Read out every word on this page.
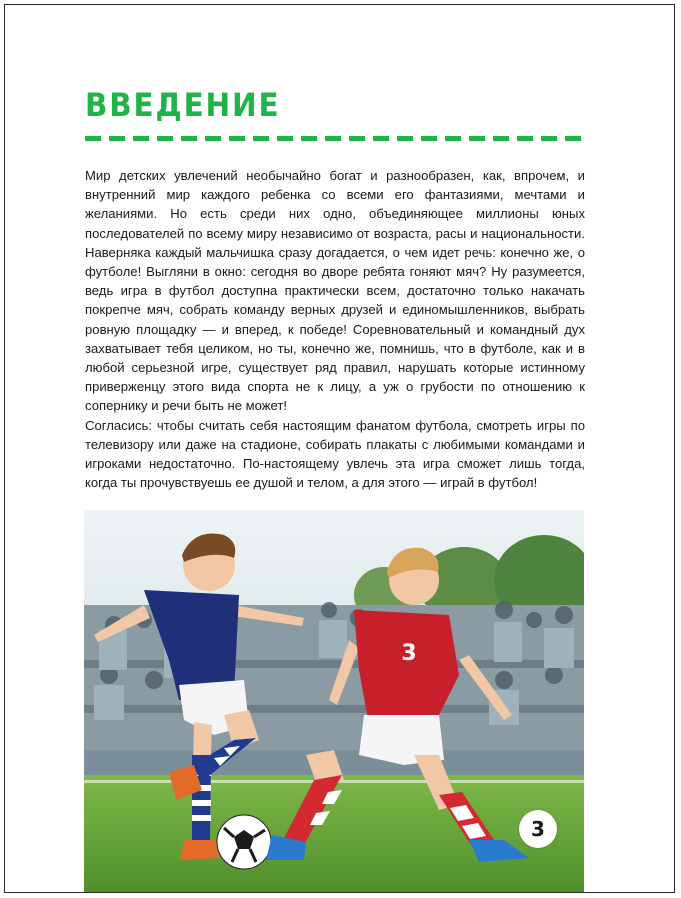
ВВЕДЕНИЕ

Мир детских увлечений необычайно богат и разнообразен, как, впрочем, и внутренний мир каждого ребенка со всеми его фантазиями, мечтами и желаниями. Но есть среди них одно, объединяющее миллионы юных последователей по всему миру независимо от возраста, расы и национальности. Наверняка каждый мальчишка сразу догадается, о чем идет речь: конечно же, о футболе! Выгляни в окно: сегодня во дворе ребята гоняют мяч? Ну разумеется, ведь игра в футбол доступна практически всем, достаточно только накачать покрепче мяч, собрать команду верных друзей и единомышленников, выбрать ровную площадку — и вперед, к победе! Соревновательный и командный дух захватывает тебя целиком, но ты, конечно же, помнишь, что в футболе, как и в любой серьезной игре, существует ряд правил, нарушать которые истинному приверженцу этого вида спорта не к лицу, а уж о грубости по отношению к сопернику и речи быть не может!

Согласись: чтобы считать себя настоящим фанатом футбола, смотреть игры по телевизору или даже на стадионе, собирать плакаты с любимыми командами и игроками недостаточно. По-настоящему увлечь эта игра сможет лишь тогда, когда ты прочувствуешь ее душой и телом, а для этого — играй в футбол!

3
3
